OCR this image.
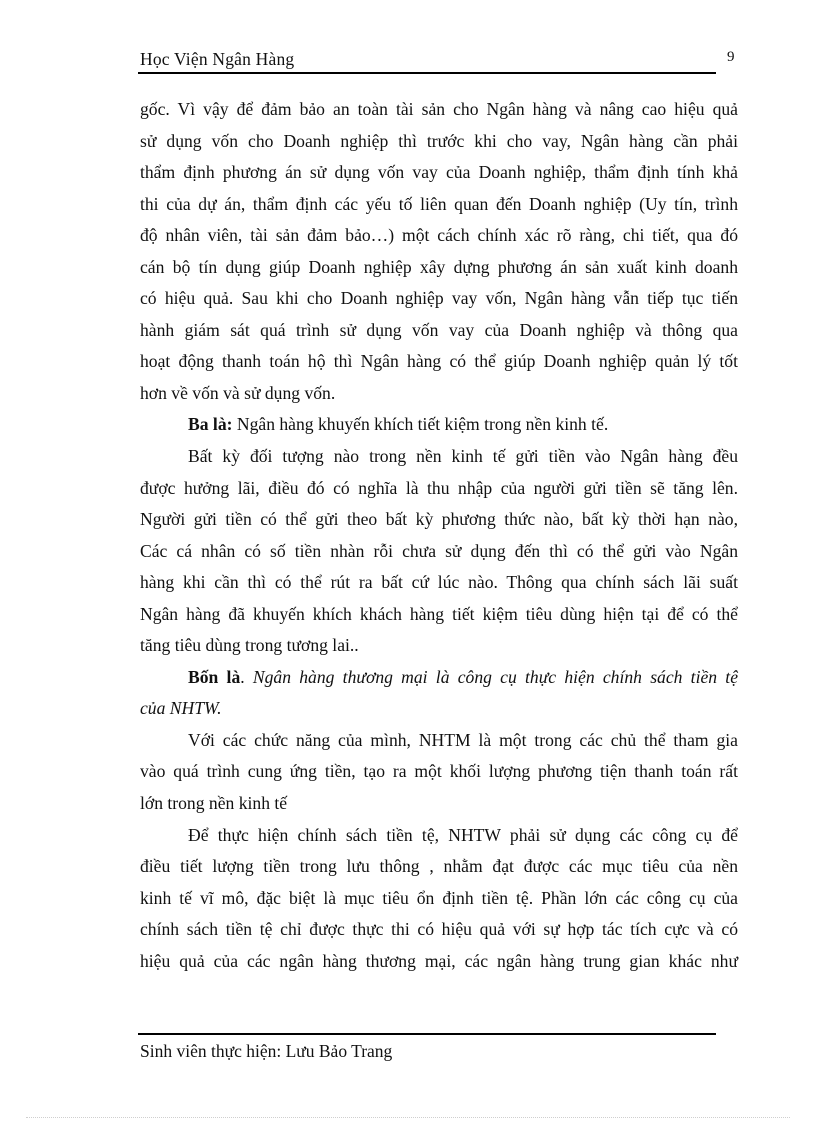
Học Viện Ngân Hàng	9

gốc. Vì vậy để đảm bảo an toàn tài sản cho Ngân hàng và nâng cao hiệu quả
sử dụng vốn cho Doanh nghiệp thì trước khi cho vay, Ngân hàng cần phải
thẩm định phương án sử dụng vốn vay của Doanh nghiệp, thẩm định tính khả
thi của dự án, thẩm định các yếu tố liên quan đến Doanh nghiệp (Uy tín, trình
độ nhân viên, tài sản đảm bảo…) một cách chính xác rõ ràng, chi tiết, qua đó
cán bộ tín dụng giúp Doanh nghiệp xây dựng phương án sản xuất kinh doanh
có hiệu quả. Sau khi cho Doanh nghiệp vay vốn, Ngân hàng vẫn tiếp tục tiến
hành giám sát quá trình sử dụng vốn vay của Doanh nghiệp và thông qua
hoạt động thanh toán hộ thì Ngân hàng có thể giúp Doanh nghiệp quản lý tốt
hơn về vốn và sử dụng vốn.

Ba là: Ngân hàng khuyến khích tiết kiệm trong nền kinh tế.

Bất kỳ đối tượng nào trong nền kinh tế gửi tiền vào Ngân hàng đều
được hưởng lãi, điều đó có nghĩa là thu nhập của người gửi tiền sẽ tăng lên.
Người gửi tiền có thể gửi theo bất kỳ phương thức nào, bất kỳ thời hạn nào,
Các cá nhân có số tiền nhàn rỗi chưa sử dụng đến thì có thể gửi vào Ngân
hàng khi cần thì có thể rút ra bất cứ lúc nào. Thông qua chính sách lãi suất
Ngân hàng đã khuyến khích khách hàng tiết kiệm tiêu dùng hiện tại để có thể
tăng tiêu dùng trong tương lai..

Bốn là. Ngân hàng thương mại là công cụ thực hiện chính sách tiền tệ
của NHTW.

Với các chức năng của mình, NHTM là một trong các chủ thể tham gia
vào quá trình cung ứng tiền, tạo ra một khối lượng phương tiện thanh toán rất
lớn trong nền kinh tế

Để thực hiện chính sách tiền tệ, NHTW phải sử dụng các công cụ để
điều tiết lượng tiền trong lưu thông , nhằm đạt được các mục tiêu của nền
kinh tế vĩ mô, đặc biệt là mục tiêu ổn định tiền tệ. Phần lớn các công cụ của
chính sách tiền tệ chỉ được thực thi có hiệu quả với sự hợp tác tích cực và có
hiệu quả của các ngân hàng thương mại, các ngân hàng trung gian khác như

Sinh viên thực hiện: Lưu Bảo Trang
